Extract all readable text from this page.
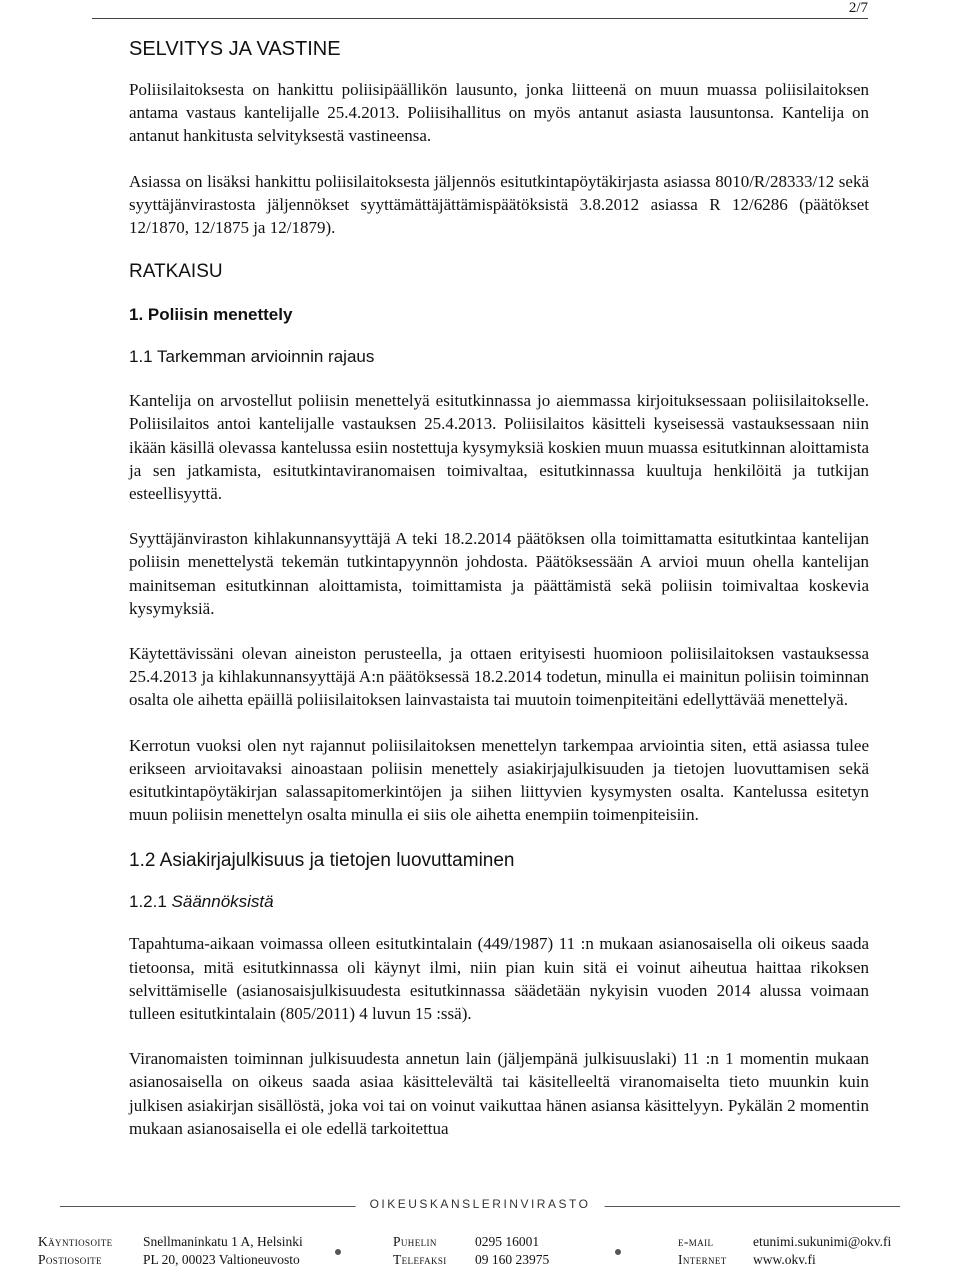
2/7
SELVITYS JA VASTINE

Poliisilaitoksesta on hankittu poliisipäällikön lausunto, jonka liitteenä on muun muassa poliisilaitoksen antama vastaus kantelijalle 25.4.2013. Poliisihallitus on myös antanut asiasta lausuntonsa. Kantelija on antanut hankitusta selvityksestä vastineensa.

Asiassa on lisäksi hankittu poliisilaitoksesta jäljennös esitutkintapöytäkirjasta asiassa 8010/R/28333/12 sekä syyttäjänvirastosta jäljennökset syyttämättäjättämispäätöksistä 3.8.2012 asiassa R 12/6286 (päätökset 12/1870, 12/1875 ja 12/1879).

RATKAISU
1. Poliisin menettely
1.1 Tarkemman arvioinnin rajaus

Kantelija on arvostellut poliisin menettelyä esitutkinnassa jo aiemmassa kirjoituksessaan poliisilaitokselle. Poliisilaitos antoi kantelijalle vastauksen 25.4.2013. Poliisilaitos käsitteli kyseisessä vastauksessaan niin ikään käsillä olevassa kantelussa esiin nostettuja kysymyksiä koskien muun muassa esitutkinnan aloittamista ja sen jatkamista, esitutkintaviranomaisen toimivaltaa, esitutkinnassa kuultuja henkilöitä ja tutkijan esteellisyyttä.

Syyttäjänviraston kihlakunnansyyttäjä A teki 18.2.2014 päätöksen olla toimittamatta esitutkintaa kantelijan poliisin menettelystä tekemän tutkintapyynnön johdosta. Päätöksessään A arvioi muun ohella kantelijan mainitseman esitutkinnan aloittamista, toimittamista ja päättämistä sekä poliisin toimivaltaa koskevia kysymyksiä.

Käytettävissäni olevan aineiston perusteella, ja ottaen erityisesti huomioon poliisilaitoksen vastauksessa 25.4.2013 ja kihlakunnansyyttäjä A:n päätöksessä 18.2.2014 todetun, minulla ei mainitun poliisin toiminnan osalta ole aihetta epäillä poliisilaitoksen lainvastaista tai muutoin toimenpiteitäni edellyttävää menettelyä.

Kerrotun vuoksi olen nyt rajannut poliisilaitoksen menettelyn tarkempaa arviointia siten, että asiassa tulee erikseen arvioitavaksi ainoastaan poliisin menettely asiakirjajulkisuuden ja tietojen luovuttamisen sekä esitutkintapöytäkirjan salassapitomerkintöjen ja siihen liittyvien kysymysten osalta. Kantelussa esitetyn muun poliisin menettelyn osalta minulla ei siis ole aihetta enempiin toimenpiteisiin.

1.2 Asiakirjajulkisuus ja tietojen luovuttaminen
1.2.1 Säännöksistä

Tapahtuma-aikaan voimassa olleen esitutkintalain (449/1987) 11 :n mukaan asianosaisella oli oikeus saada tietoonsa, mitä esitutkinnassa oli käynyt ilmi, niin pian kuin sitä ei voinut aiheutua haittaa rikoksen selvittämiselle (asianosaisjulkisuudesta esitutkinnassa säädetään nykyisin vuoden 2014 alussa voimaan tulleen esitutkintalain (805/2011) 4 luvun 15 :ssä).

Viranomaisten toiminnan julkisuudesta annetun lain (jäljempänä julkisuuslaki) 11 :n 1 momentin mukaan asianosaisella on oikeus saada asiaa käsittelevältä tai käsitelleeltä viranomaiselta tieto muunkin kuin julkisen asiakirjan sisällöstä, joka voi tai on voinut vaikuttaa hänen asiansa käsittelyyn. Pykälän 2 momentin mukaan asianosaisella ei ole edellä tarkoitettua

OIKEUSKANSLERINVIRASTO
Käyntiosoite Snellmaninkatu 1 A, Helsinki	Puhelin	0295 16001	e-mail	etunimi.sukunimi@okv.fi
Postiosoite	PL 20, 00023 Valtioneuvosto	Telefaksi 09 160 23975	Internet www.okv.fi
